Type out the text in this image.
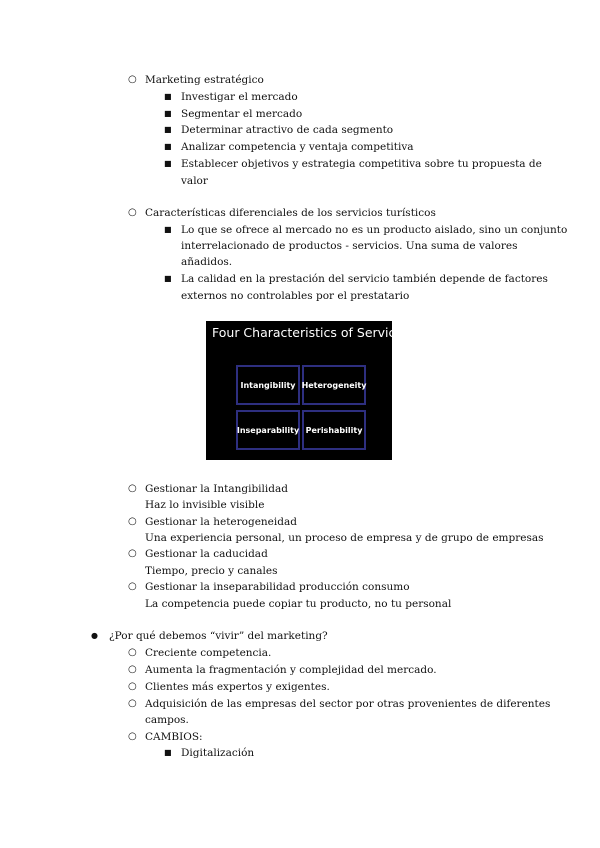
○
Marketing estratégico
■
Investigar el mercado
■
Segmentar el mercado
■
Determinar atractivo de cada segmento
■
Analizar competencia y ventaja competitiva
■
Establecer objetivos y estrategia competitiva sobre tu propuesta de
valor
○
Características diferenciales de los servicios turísticos
■
Lo que se ofrece al mercado no es un producto aislado, sino un conjunto
interrelacionado de productos - servicios. Una suma de valores
añadidos.
■
La calidad en la prestación del servicio también depende de factores
externos no controlables por el prestatario
Four Characteristics of Services
Intangibility Heterogeneity
Inseparability Perishability
○
Gestionar la Intangibilidad
Haz lo invisible visible
○
Gestionar la heterogeneidad
Una experiencia personal, un proceso de empresa y de grupo de empresas
○
Gestionar la caducidad
Tiempo, precio y canales
○
Gestionar la inseparabilidad producción consumo
La competencia puede copiar tu producto, no tu personal
●
¿Por qué debemos “vivir” del marketing?
○
Creciente competencia.
○
Aumenta la fragmentación y complejidad del mercado.
○
Clientes más expertos y exigentes.
○
Adquisición de las empresas del sector por otras provenientes de diferentes
campos.
○
CAMBIOS:
■
Digitalización
